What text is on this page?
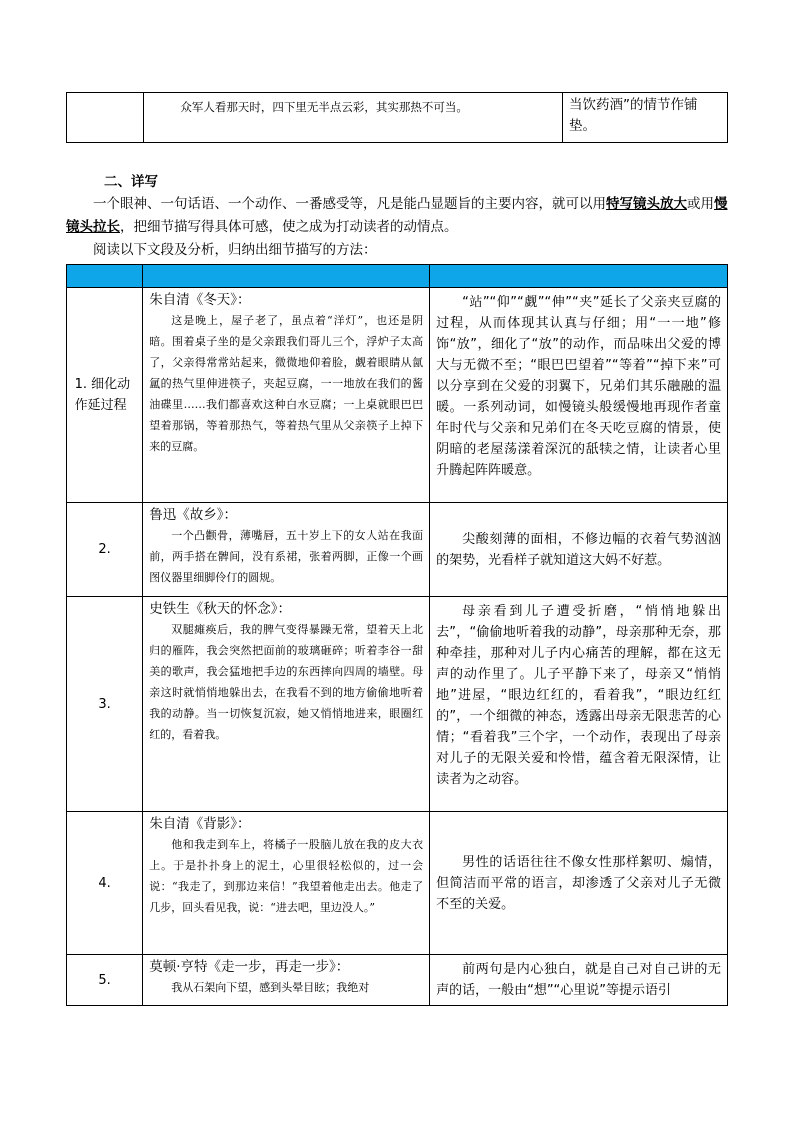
众军人看那天时，四下里无半点云彩，其实那热不可当。	当饮药酒”的情节作铺垫。
二、详写
一个眼神、一句话语、一个动作、一番感受等，凡是能凸显题旨的主要内容，就可以用特写镜头放大或用慢镜头拉长，把细节描写得具体可感，使之成为打动读者的动情点。
阅读以下文段及分析，归纳出细节描写的方法：

1. 细化动作延过程	朱自清《冬天》：
这是晚上，屋子老了，虽点着“洋灯”，也还是阴暗。围着桌子坐的是父亲跟我们哥儿三个，浮炉子太高了，父亲得常常站起来，微微地仰着脸，觑着眼睛从氤氲的热气里伸进筷子，夹起豆腐，一一地放在我们的酱油碟里……我们都喜欢这种白水豆腐；一上桌就眼巴巴望着那锅，等着那热气，等着热气里从父亲筷子上掉下来的豆腐。	“站”“仰”“觑”“伸”“夹”延长了父亲夹豆腐的过程，从而体现其认真与仔细；用“一一地”修饰“放”，细化了“放”的动作，而品味出父爱的博大与无微不至；“眼巴巴望着”“等着”“掉下来”可以分享到在父爱的羽翼下，兄弟们其乐融融的温暖。一系列动词，如慢镜头般缓慢地再现作者童年时代与父亲和兄弟们在冬天吃豆腐的情景，使阴暗的老屋荡漾着深沉的舐犊之情，让读者心里升腾起阵阵暖意。

2.	鲁迅《故乡》：
一个凸颧骨，薄嘴唇，五十岁上下的女人站在我面前，两手搭在髀间，没有系裙，张着两脚，正像一个画图仪器里细脚伶仃的圆规。	尖酸刻薄的面相，不修边幅的衣着气势汹汹的架势，光看样子就知道这大妈不好惹。

3.	史铁生《秋天的怀念》：
双腿瘫痪后，我的脾气变得暴躁无常，望着天上北归的雁阵，我会突然把面前的玻璃砸碎；听着李谷一甜美的歌声，我会猛地把手边的东西摔向四周的墙壁。母亲这时就悄悄地躲出去，在我看不到的地方偷偷地听着我的动静。当一切恢复沉寂，她又悄悄地进来，眼圈红红的，看着我。	母亲看到儿子遭受折磨，“悄悄地躲出去”，“偷偷地听着我的动静”，母亲那种无奈，那种牵挂，那种对儿子内心痛苦的理解，都在这无声的动作里了。儿子平静下来了，母亲又“悄悄地”进屋，“眼边红红的，看着我”，“眼边红红的”，一个细微的神态，透露出母亲无限悲苦的心情；“看着我”三个字，一个动作，表现出了母亲对儿子的无限关爱和怜惜，蕴含着无限深情，让读者为之动容。

4.	朱自清《背影》：
他和我走到车上，将橘子一股脑儿放在我的皮大衣上。于是扑扑身上的泥土，心里很轻松似的，过一会说：“我走了，到那边来信！”我望着他走出去。他走了几步，回头看见我，说：“进去吧，里边没人。”	男性的话语往往不像女性那样絮叨、煽情，但简洁而平常的语言，却渗透了父亲对儿子无微不至的关爱。

5.	莫顿·亨特《走一步，再走一步》：
我从石架向下望，感到头晕目眩；我绝对	前两句是内心独白，就是自己对自己讲的无声的话，一般由“想”“心里说”等提示语引
